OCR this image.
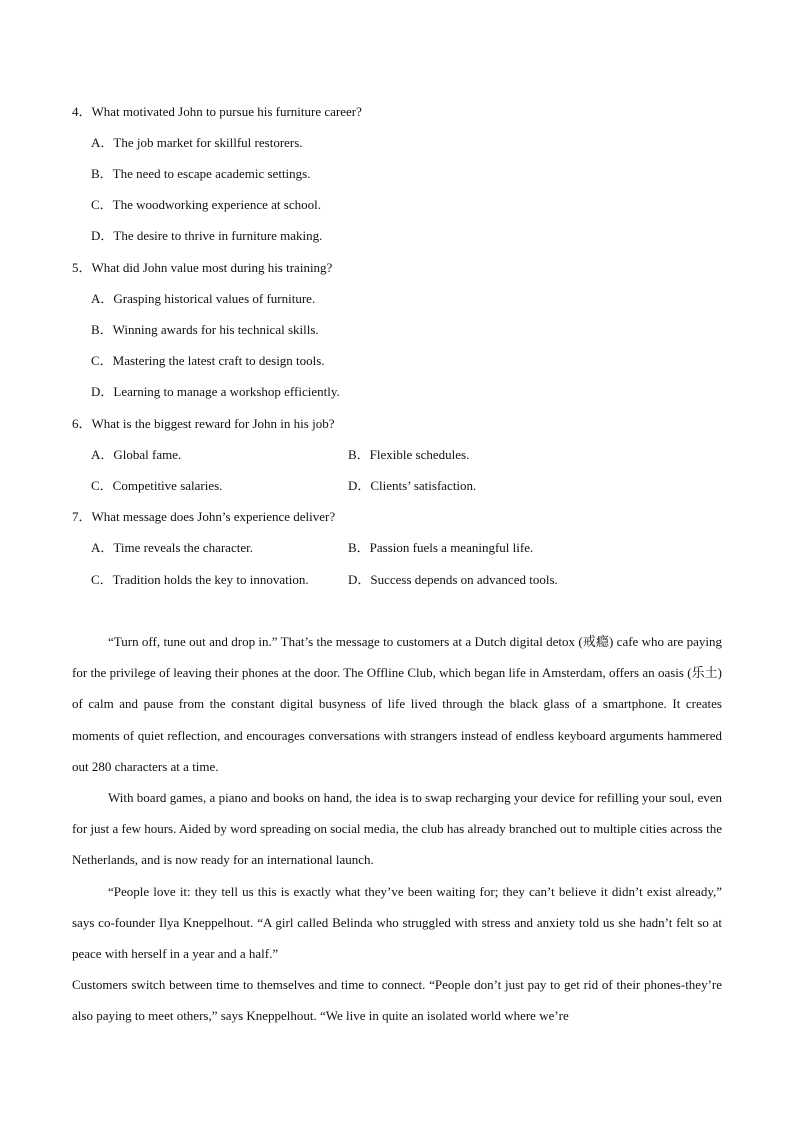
4．What motivated John to pursue his furniture career?
A．The job market for skillful restorers.
B．The need to escape academic settings.
C．The woodworking experience at school.
D．The desire to thrive in furniture making.
5．What did John value most during his training?
A．Grasping historical values of furniture.
B．Winning awards for his technical skills.
C．Mastering the latest craft to design tools.
D．Learning to manage a workshop efficiently.
6．What is the biggest reward for John in his job?
A．Global fame.	B．Flexible schedules.
C．Competitive salaries.	D．Clients’ satisfaction.
7．What message does John’s experience deliver?
A．Time reveals the character.	B．Passion fuels a meaningful life.
C．Tradition holds the key to innovation.	D．Success depends on advanced tools.

“Turn off, tune out and drop in.” That’s the message to customers at a Dutch digital detox (戒瘾) cafe who are paying for the privilege of leaving their phones at the door. The Offline Club, which began life in Amsterdam, offers an oasis (乐土) of calm and pause from the constant digital busyness of life lived through the black glass of a smartphone. It creates moments of quiet reflection, and encourages conversations with strangers instead of endless keyboard arguments hammered out 280 characters at a time.

With board games, a piano and books on hand, the idea is to swap recharging your device for refilling your soul, even for just a few hours. Aided by word spreading on social media, the club has already branched out to multiple cities across the Netherlands, and is now ready for an international launch.

“People love it: they tell us this is exactly what they’ve been waiting for; they can’t believe it didn’t exist already,” says co-founder Ilya Kneppelhout. “A girl called Belinda who struggled with stress and anxiety told us she hadn’t felt so at peace with herself in a year and a half.”

Customers switch between time to themselves and time to connect. “People don’t just pay to get rid of their phones-they’re also paying to meet others,” says Kneppelhout. “We live in quite an isolated world where we’re
